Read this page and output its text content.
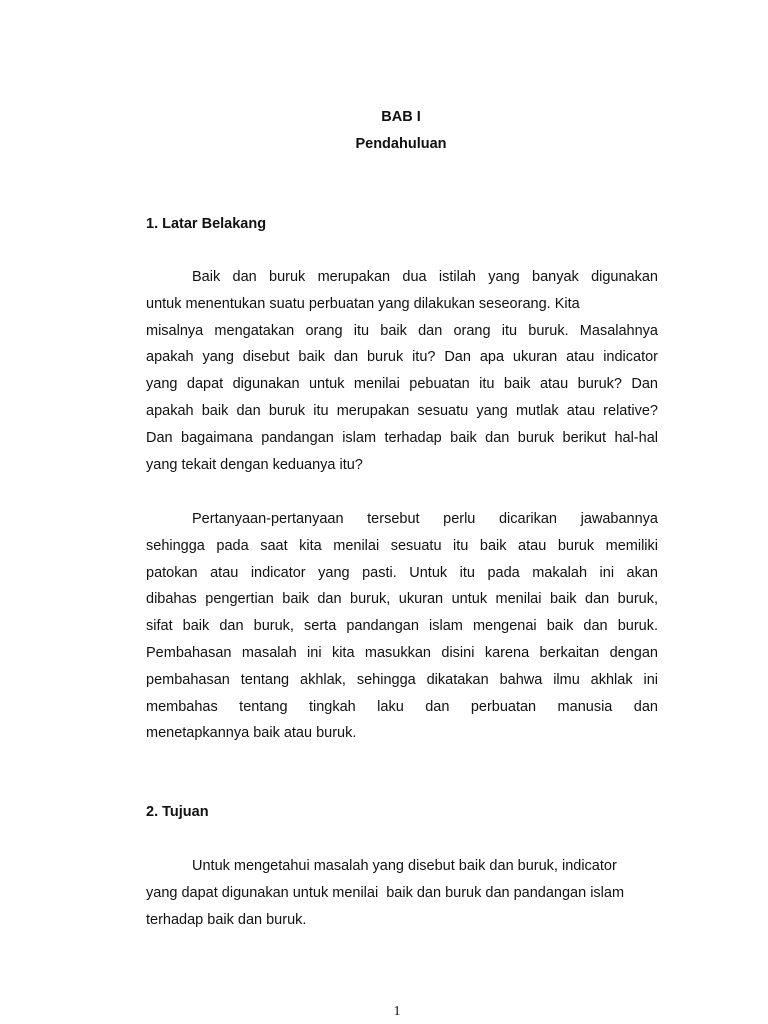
BAB I
Pendahuluan
1. Latar Belakang
Baik dan buruk merupakan dua istilah yang banyak digunakan
untuk menentukan suatu perbuatan yang dilakukan seseorang. Kita
misalnya mengatakan orang itu baik dan orang itu buruk. Masalahnya
apakah yang disebut baik dan buruk itu? Dan apa ukuran atau indicator
yang dapat digunakan untuk menilai pebuatan itu baik atau buruk? Dan
apakah baik dan buruk itu merupakan sesuatu yang mutlak atau relative?
Dan bagaimana pandangan islam terhadap baik dan buruk berikut hal-hal
yang tekait dengan keduanya itu?
Pertanyaan-pertanyaan tersebut perlu dicarikan jawabannya
sehingga pada saat kita menilai sesuatu itu baik atau buruk memiliki
patokan atau indicator yang pasti. Untuk itu pada makalah ini akan
dibahas pengertian baik dan buruk, ukuran untuk menilai baik dan buruk,
sifat baik dan buruk, serta pandangan islam mengenai baik dan buruk.
Pembahasan masalah ini kita masukkan disini karena berkaitan dengan
pembahasan tentang akhlak, sehingga dikatakan bahwa ilmu akhlak ini
membahas tentang tingkah laku dan perbuatan manusia dan
menetapkannya baik atau buruk.
2. Tujuan
Untuk mengetahui masalah yang disebut baik dan buruk, indicator
yang dapat digunakan untuk menilai  baik dan buruk dan pandangan islam
terhadap baik dan buruk.
1
